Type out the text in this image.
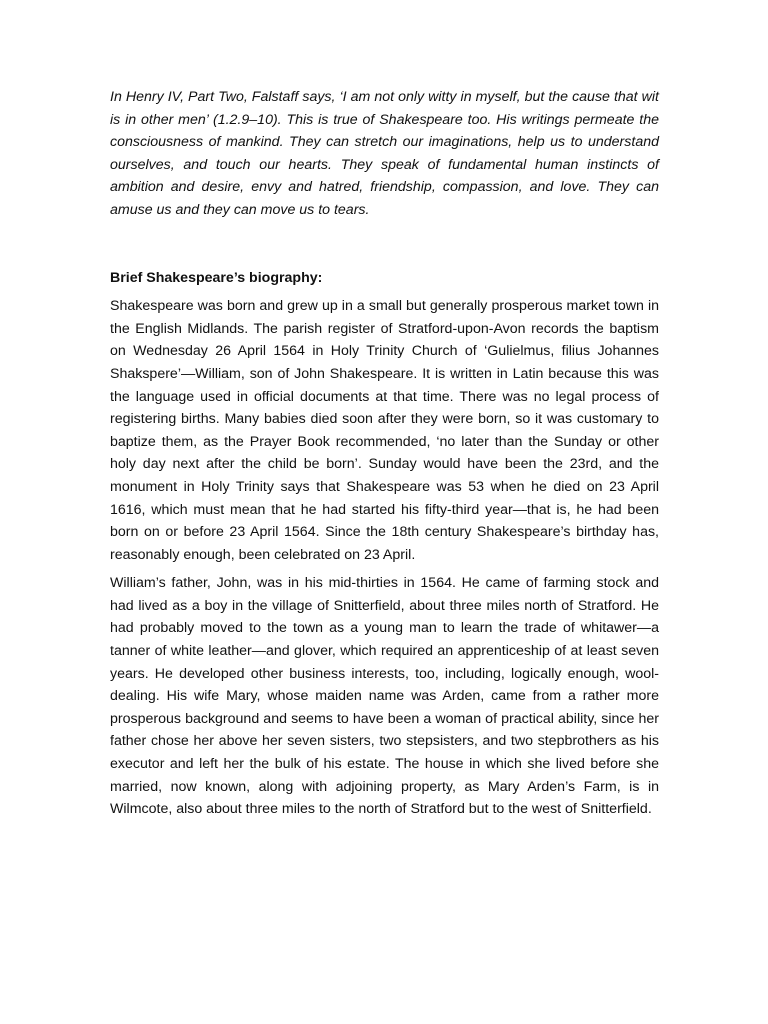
In Henry IV, Part Two, Falstaff says, ‘I am not only witty in myself, but the cause that wit is in other men’ (1.2.9–10). This is true of Shakespeare too. His writings permeate the consciousness of mankind. They can stretch our imaginations, help us to understand ourselves, and touch our hearts. They speak of fundamental human instincts of ambition and desire, envy and hatred, friendship, compassion, and love. They can amuse us and they can move us to tears.

Brief Shakespeare’s biography:

Shakespeare was born and grew up in a small but generally prosperous market town in the English Midlands. The parish register of Stratford-upon-Avon records the baptism on Wednesday 26 April 1564 in Holy Trinity Church of ‘Gulielmus, filius Johannes Shakspere’—William, son of John Shakespeare. It is written in Latin because this was the language used in official documents at that time. There was no legal process of registering births. Many babies died soon after they were born, so it was customary to baptize them, as the Prayer Book recommended, ‘no later than the Sunday or other holy day next after the child be born’. Sunday would have been the 23rd, and the monument in Holy Trinity says that Shakespeare was 53 when he died on 23 April 1616, which must mean that he had started his fifty-third year—that is, he had been born on or before 23 April 1564. Since the 18th century Shakespeare’s birthday has, reasonably enough, been celebrated on 23 April.

William’s father, John, was in his mid-thirties in 1564. He came of farming stock and had lived as a boy in the village of Snitterfield, about three miles north of Stratford. He had probably moved to the town as a young man to learn the trade of whitawer—a tanner of white leather—and glover, which required an apprenticeship of at least seven years. He developed other business interests, too, including, logically enough, wool-dealing. His wife Mary, whose maiden name was Arden, came from a rather more prosperous background and seems to have been a woman of practical ability, since her father chose her above her seven sisters, two stepsisters, and two stepbrothers as his executor and left her the bulk of his estate. The house in which she lived before she married, now known, along with adjoining property, as Mary Arden’s Farm, is in Wilmcote, also about three miles to the north of Stratford but to the west of Snitterfield.
